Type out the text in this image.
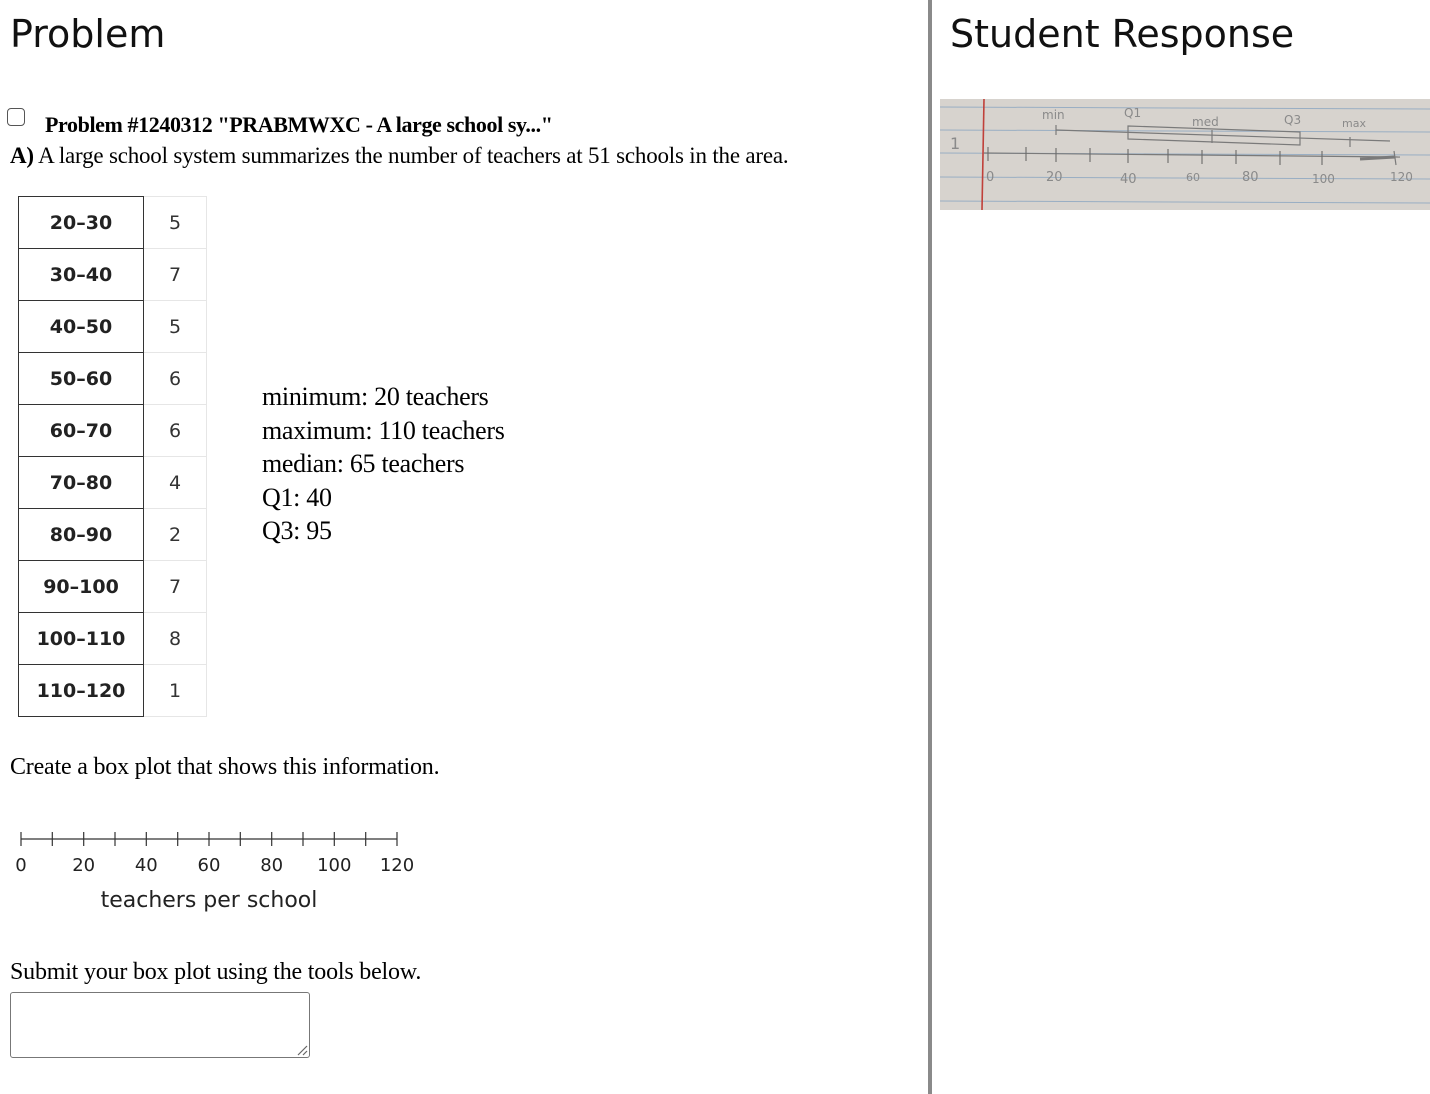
Problem
Problem #1240312 "PRABMWXC - A large school sy..."
A) A large school system summarizes the number of teachers at 51 schools in the area.
20–30	5
30–40	7
40–50	5
50–60	6
60–70	6
70–80	4
80–90	2
90–100	7
100–110	8
110–120	1
minimum: 20 teachers
maximum: 110 teachers
median: 65 teachers
Q1: 40
Q3: 95
Create a box plot that shows this information.
0	20 40 60 80 100 120
teachers per school
Submit your box plot using the tools below.
Student Response
1
min	Q1
med	Q3	max
0	20	40	60	80	100	120
